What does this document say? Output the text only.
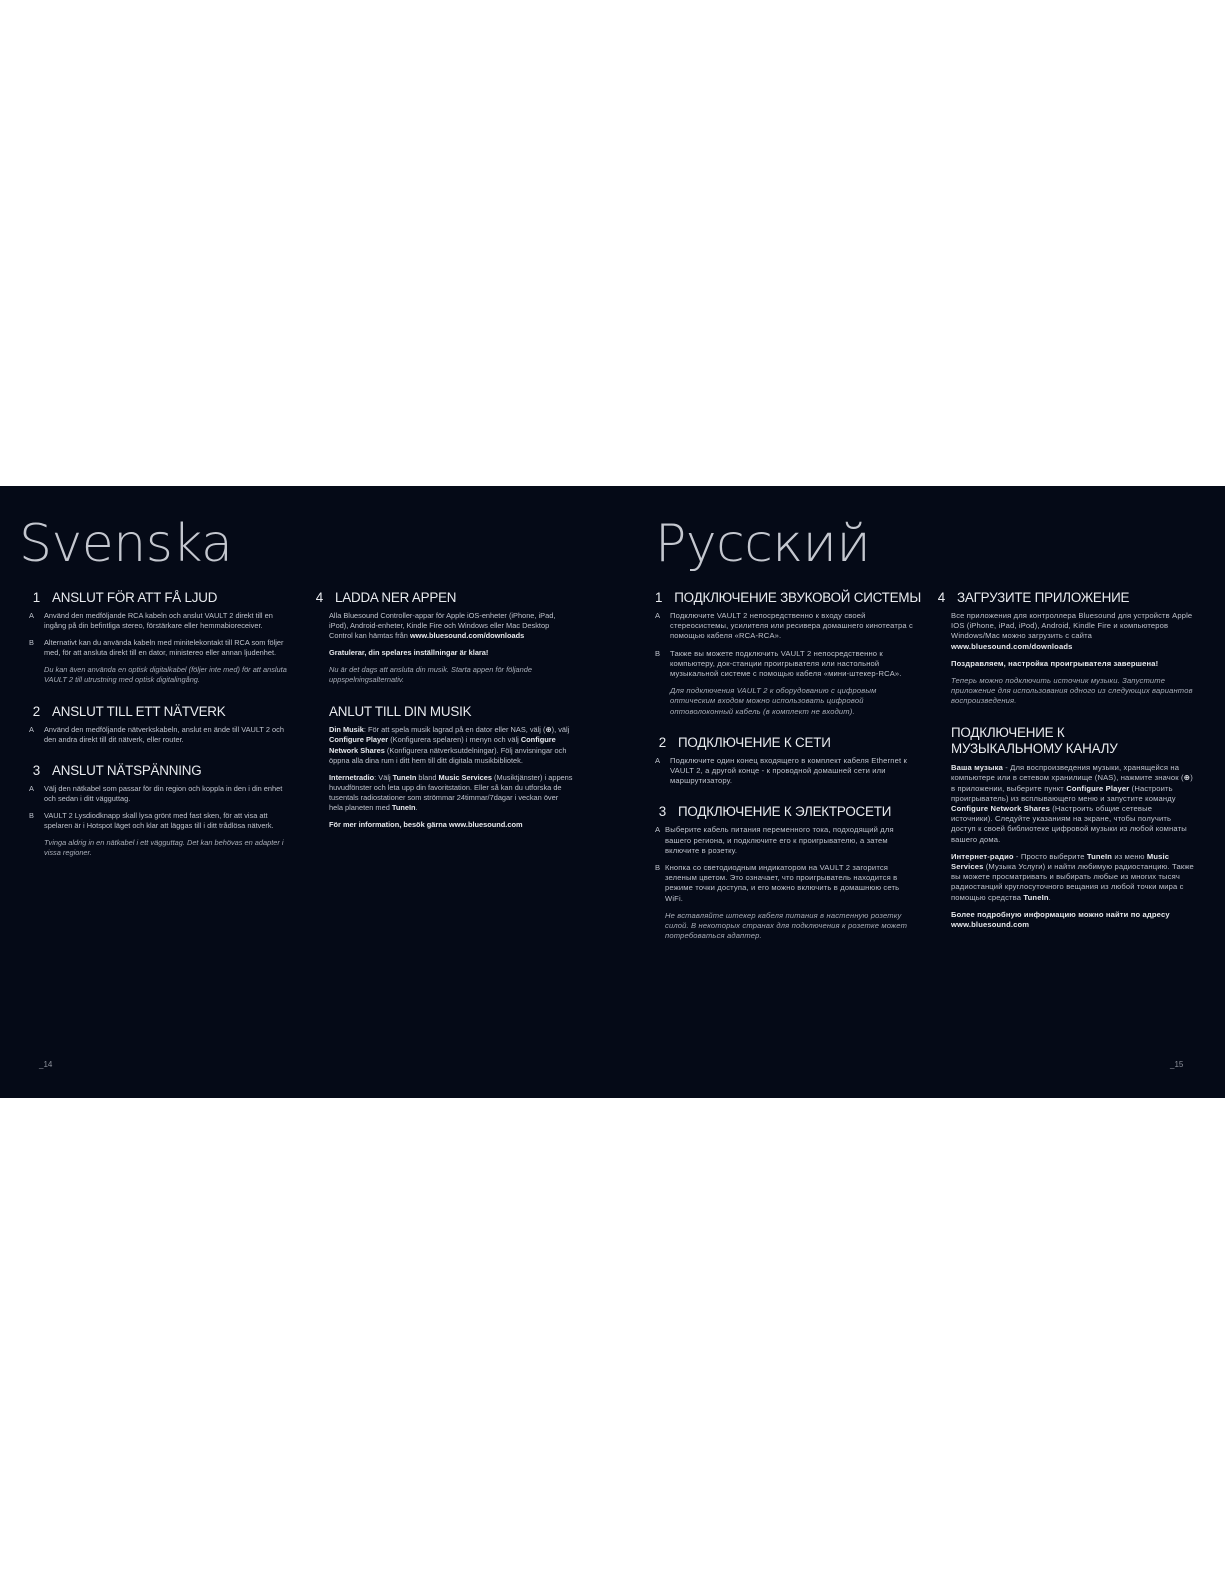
Svenska
1 ANSLUT FÖR ATT FÅ LJUD
A	Använd den medföljande RCA kabeln och anslut VAULT 2 direkt till en ingång på din befintliga stereo, förstärkare eller hemmabioreceiver.
B	Alternativt kan du använda kabeln med minitelekontakt till RCA som följer med, för att ansluta direkt till en dator, ministereo eller annan ljudenhet.
Du kan även använda en optisk digitalkabel (följer inte med) för att ansluta VAULT 2 till utrustning med optisk digitalingång.
2 ANSLUT TILL ETT NÄTVERK
A	Använd den medföljande nätverkskabeln, anslut en ände till VAULT 2 och den andra direkt till dit nätverk, eller router.
3 ANSLUT NÄTSPÄNNING
A	Välj den nätkabel som passar för din region och koppla in den i din enhet och sedan i ditt vägguttag.
B	VAULT 2 Lysdiodknapp skall lysa grönt med fast sken, för att visa att spelaren är i Hotspot läget och klar att läggas till i ditt trådlösa nätverk.
Tvinga aldrig in en nätkabel i ett vägguttag. Det kan behövas en adapter i vissa regioner.
4 LADDA NER APPEN
Alla Bluesound Controller-appar för Apple iOS-enheter (iPhone, iPad, iPod), Android-enheter, Kindle Fire och Windows eller Mac Desktop Control kan hämtas från www.bluesound.com/downloads
Gratulerar, din spelares inställningar är klara!
Nu är det dags att ansluta din musik. Starta appen för följande uppspelningsalternativ.
ANLUT TILL DIN MUSIK
Din Musik: För att spela musik lagrad på en dator eller NAS, välj (⊕), välj Configure Player (Konfigurera spelaren) i menyn och välj Configure Network Shares (Konfigurera nätverksutdelningar). Följ anvisningar och öppna alla dina rum i ditt hem till ditt digitala musikbibliotek.
Internetradio: Välj TuneIn bland Music Services (Musiktjänster) i appens huvudfönster och leta upp din favoritstation. Eller så kan du utforska de tusentals radiostationer som strömmar 24timmar/7dagar i veckan över hela planeten med TuneIn.
För mer information, besök gärna www.bluesound.com
_14
Русский
1 ПОДКЛЮЧЕНИЕ ЗВУКОВОЙ СИСТЕМЫ
A	Подключите VAULT 2 непосредственно к входу своей стереосистемы, усилителя или ресивера домашнего кинотеатра с помощью кабеля «RCA-RCA».
B	Также вы можете подключить VAULT 2 непосредственно к компьютеру, док-станции проигрывателя или настольной музыкальной системе с помощью кабеля «мини-штекер-RCA».
Для подключения VAULT 2 к оборудованию с цифровым оптическим входом можно использовать цифровой оптоволоконный кабель (в комплект не входит).
2 ПОДКЛЮЧЕНИЕ К СЕТИ
A	Подключите один конец входящего в комплект кабеля Ethernet к VAULT 2, а другой конце - к проводной домашней сети или маршрутизатору.
3 ПОДКЛЮЧЕНИЕ К ЭЛЕКТРОСЕТИ
A Выберите кабель питания переменного тока, подходящий для вашего региона, и подключите его к проигрывателю, а затем включите в розетку.
B Кнопка со светодиодным индикатором на VAULT 2 загорится зеленым цветом. Это означает, что проигрыватель находится в режиме точки доступа, и его можно включить в домашнюю сеть WiFi.
Не вставляйте штекер кабеля питания в настенную розетку силой. В некоторых странах для подключения к розетке может потребоваться адаптер.
4 ЗАГРУЗИТЕ ПРИЛОЖЕНИЕ
Все приложения для контроллера Bluesound для устройств Apple IOS (iPhone, iPad, iPod), Android, Kindle Fire и компьютеров Windows/Mac можно загрузить с сайта www.bluesound.com/downloads
Поздравляем, настройка проигрывателя завершена!
Теперь можно подключить источник музыки. Запустите приложение для использования одного из следующих вариантов воспроизведения.
ПОДКЛЮЧЕНИЕ К МУЗЫКАЛЬНОМУ КАНАЛУ
Ваша музыка - Для воспроизведения музыки, хранящейся на компьютере или в сетевом хранилище (NAS), нажмите значок (⊕) в приложении, выберите пункт Configure Player (Настроить проигрыватель) из всплывающего меню и запустите команду Configure Network Shares (Настроить общие сетевые источники). Следуйте указаниям на экране, чтобы получить доступ к своей библиотеке цифровой музыки из любой комнаты вашего дома.
Интернет-радио - Просто выберите TuneIn из меню Music Services (Музыка Услуги) и найти любимую радиостанцию. Также вы можете просматривать и выбирать любые из многих тысяч радиостанций круглосуточного вещания из любой точки мира с помощью средства TuneIn.
Более подробную информацию можно найти по адресу www.bluesound.com
_15
